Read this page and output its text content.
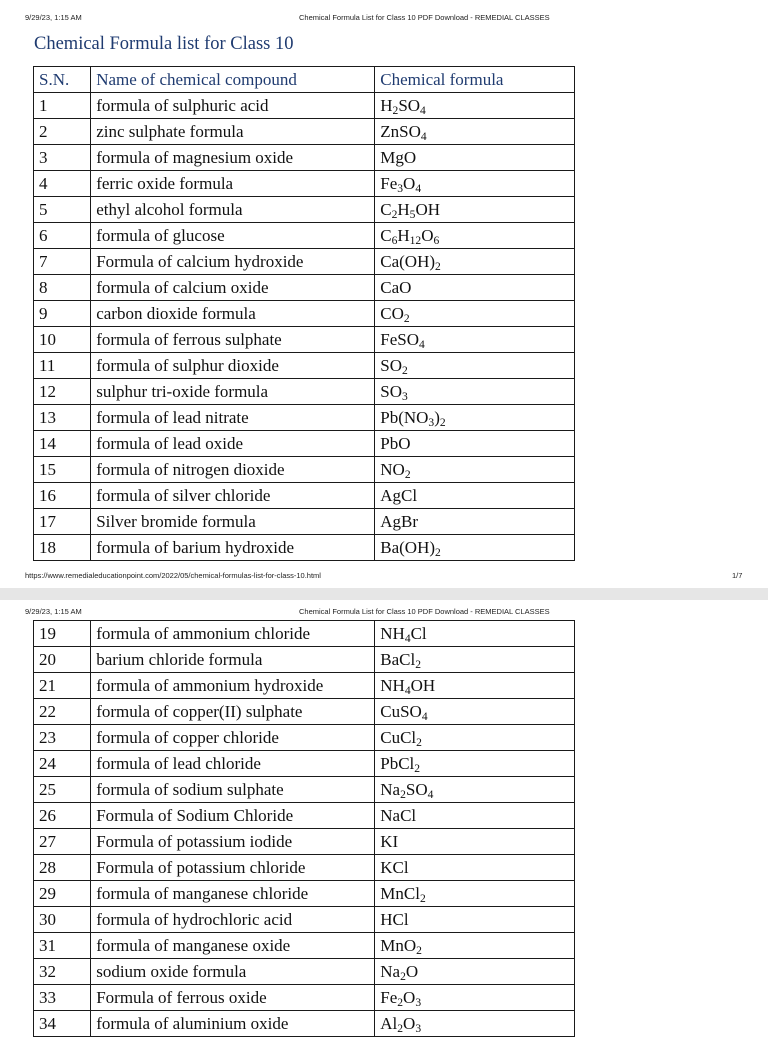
9/29/23, 1:15 AM	Chemical Formula List for Class 10 PDF Download - REMEDIAL CLASSES
Chemical Formula list for Class 10
S.N.	Name of chemical compound	Chemical formula
1	formula of sulphuric acid	$H_2SO_4$
2	zinc sulphate formula	ZnSO$_4$
3	formula of magnesium oxide	MgO
4	ferric oxide formula	$Fe_3O_4$
5	ethyl alcohol formula	$C_2H_5OH$
6	formula of glucose	$C_6H_{12}O_6$
7	Formula of calcium hydroxide	$Ca(OH)_2$
8	formula of calcium oxide	CaO
9	carbon dioxide formula	$CO_2$
10	formula of ferrous sulphate	FeSO$_4$
11	formula of sulphur dioxide	$SO_2$
12	sulphur tri-oxide formula	$SO_3$
13	formula of lead nitrate	$Pb(NO_3)_2$
14	formula of lead oxide	PbO
15	formula of nitrogen dioxide	$NO_2$
16	formula of silver chloride	AgCl
17	Silver bromide formula	AgBr
18	formula of barium hydroxide	$Ba(OH)_2$
https://www.remedialeducationpoint.com/2022/05/chemical-formulas-list-for-class-10.html	1/7
9/29/23, 1:15 AM	Chemical Formula List for Class 10 PDF Download - REMEDIAL CLASSES
19	formula of ammonium chloride	$NH_4Cl$
20	barium chloride formula	BaCl$_2$
21	formula of ammonium hydroxide	$NH_4OH$
22	formula of copper(II) sulphate	CuSO$_4$
23	formula of copper chloride	CuCl$_2$
24	formula of lead chloride	PbCl$_2$
25	formula of sodium sulphate	$Na_2SO_4$
26	Formula of Sodium Chloride	NaCl
27	Formula of potassium iodide	KI
28	Formula of potassium chloride	KCl
29	formula of manganese chloride	MnCl$_2$
30	formula of hydrochloric acid	HCl
31	formula of manganese oxide	MnO$_2$
32	sodium oxide formula	$Na_2O$
33	Formula of ferrous oxide	$Fe_2O_3$
34	formula of aluminium oxide	$Al_2O_3$
